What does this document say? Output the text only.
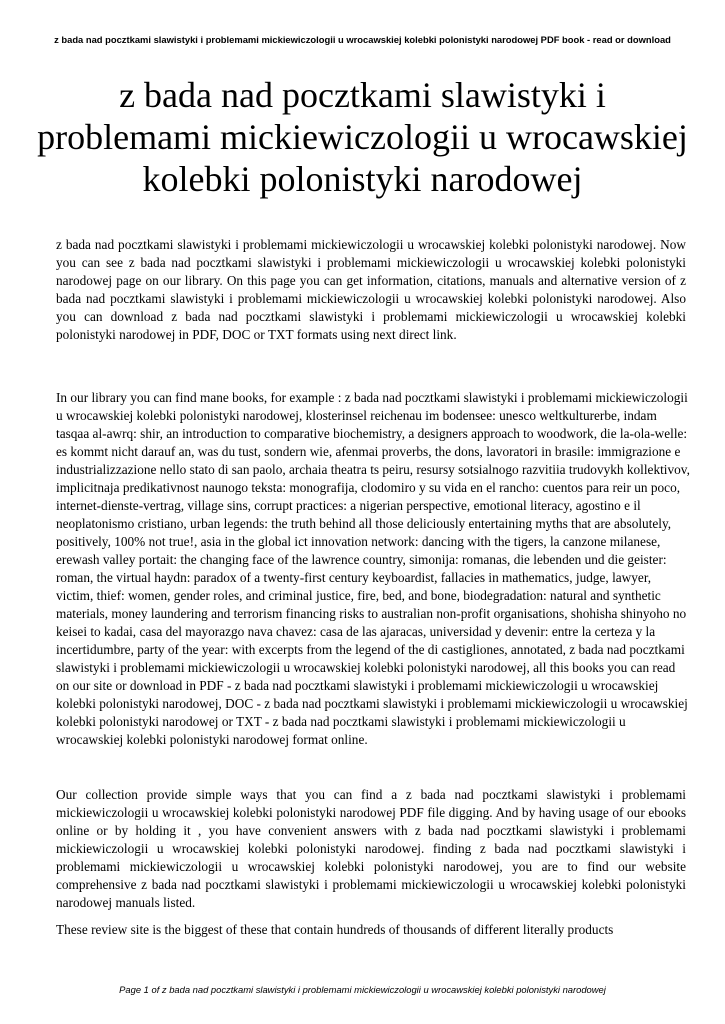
z bada nad pocztkami slawistyki i problemami mickiewiczologii u wrocawskiej kolebki polonistyki narodowej PDF book - read or download
z bada nad pocztkami slawistyki i problemami mickiewiczologii u wrocawskiej kolebki polonistyki narodowej
z bada nad pocztkami slawistyki i problemami mickiewiczologii u wrocawskiej kolebki polonistyki narodowej. Now you can see z bada nad pocztkami slawistyki i problemami mickiewiczologii u wrocawskiej kolebki polonistyki narodowej page on our library. On this page you can get information, citations, manuals and alternative version of z bada nad pocztkami slawistyki i problemami mickiewiczologii u wrocawskiej kolebki polonistyki narodowej. Also you can download z bada nad pocztkami slawistyki i problemami mickiewiczologii u wrocawskiej kolebki polonistyki narodowej in PDF, DOC or TXT formats using next direct link.
In our library you can find mane books, for example : z bada nad pocztkami slawistyki i problemami mickiewiczologii u wrocawskiej kolebki polonistyki narodowej, klosterinsel reichenau im bodensee: unesco weltkulturerbe, indam tasqaa al-awrq: shir, an introduction to comparative biochemistry, a designers approach to woodwork, die la-ola-welle: es kommt nicht darauf an, was du tust, sondern wie, afenmai proverbs, the dons, lavoratori in brasile: immigrazione e industrializzazione nello stato di san paolo, archaia theatra ts peiru, resursy sotsialnogo razvitiia trudovykh kollektivov, implicitnaja predikativnost naunogo teksta: monografija, clodomiro y su vida en el rancho: cuentos para reir un poco, internet-dienste-vertrag, village sins, corrupt practices: a nigerian perspective, emotional literacy, agostino e il neoplatonismo cristiano, urban legends: the truth behind all those deliciously entertaining myths that are absolutely, positively, 100% not true!, asia in the global ict innovation network: dancing with the tigers, la canzone milanese, erewash valley portait: the changing face of the lawrence country, simonija: romanas, die lebenden und die geister: roman, the virtual haydn: paradox of a twenty-first century keyboardist, fallacies in mathematics, judge, lawyer, victim, thief: women, gender roles, and criminal justice, fire, bed, and bone, biodegradation: natural and synthetic materials, money laundering and terrorism financing risks to australian non-profit organisations, shohisha shinyoho no keisei to kadai, casa del mayorazgo nava chavez: casa de las ajaracas, universidad y devenir: entre la certeza y la incertidumbre, party of the year: with excerpts from the legend of the di castigliones, annotated, z bada nad pocztkami slawistyki i problemami mickiewiczologii u wrocawskiej kolebki polonistyki narodowej, all this books you can read on our site or download in PDF - z bada nad pocztkami slawistyki i problemami mickiewiczologii u wrocawskiej kolebki polonistyki narodowej, DOC - z bada nad pocztkami slawistyki i problemami mickiewiczologii u wrocawskiej kolebki polonistyki narodowej or TXT - z bada nad pocztkami slawistyki i problemami mickiewiczologii u wrocawskiej kolebki polonistyki narodowej format online.
Our collection provide simple ways that you can find a z bada nad pocztkami slawistyki i problemami mickiewiczologii u wrocawskiej kolebki polonistyki narodowej PDF file digging. And by having usage of our ebooks online or by holding it , you have convenient answers with z bada nad pocztkami slawistyki i problemami mickiewiczologii u wrocawskiej kolebki polonistyki narodowej. finding z bada nad pocztkami slawistyki i problemami mickiewiczologii u wrocawskiej kolebki polonistyki narodowej, you are to find our website comprehensive z bada nad pocztkami slawistyki i problemami mickiewiczologii u wrocawskiej kolebki polonistyki narodowej manuals listed.
These review site is the biggest of these that contain hundreds of thousands of different literally products
Page 1 of z bada nad pocztkami slawistyki i problemami mickiewiczologii u wrocawskiej kolebki polonistyki narodowej
